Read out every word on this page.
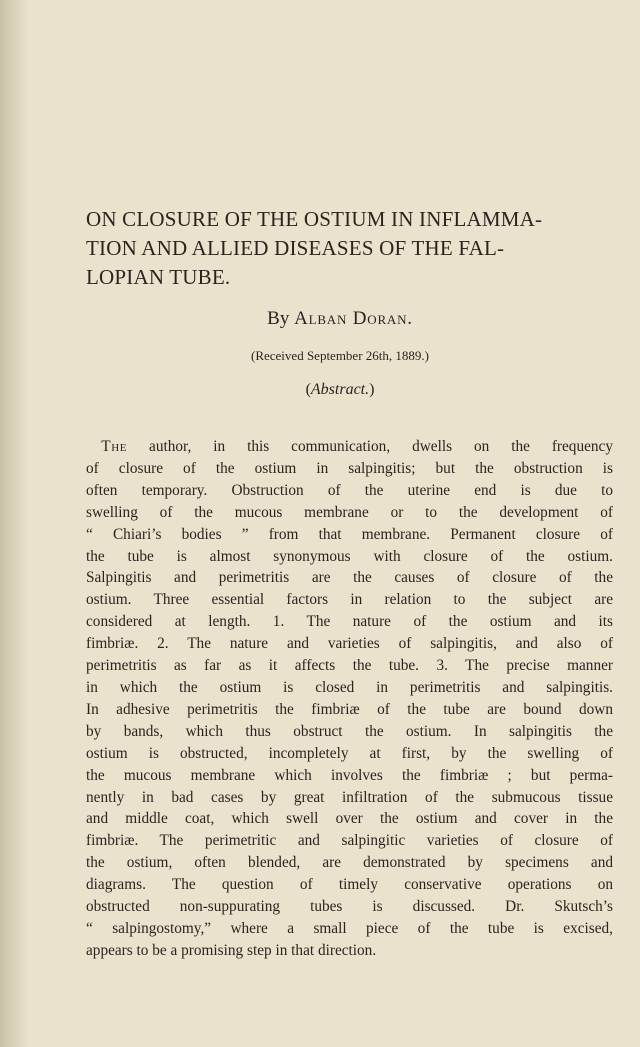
ON CLOSURE OF THE OSTIUM IN INFLAMMA-
TION AND ALLIED DISEASES OF THE FAL-
LOPIAN TUBE.

By Alban Doran.

(Received September 26th, 1889.)

(Abstract.)

 The author, in this communication, dwells on the frequency
of closure of the ostium in salpingitis; but the obstruction is
often temporary. Obstruction of the uterine end is due to
swelling of the mucous membrane or to the development of
“ Chiari’s bodies ” from that membrane. Permanent closure of
the tube is almost synonymous with closure of the ostium.
Salpingitis and perimetritis are the causes of closure of the
ostium. Three essential factors in relation to the subject are
considered at length. 1. The nature of the ostium and its
fimbriæ. 2. The nature and varieties of salpingitis, and also of
perimetritis as far as it affects the tube. 3. The precise manner
in which the ostium is closed in perimetritis and salpingitis.
In adhesive perimetritis the fimbriæ of the tube are bound down
by bands, which thus obstruct the ostium. In salpingitis the
ostium is obstructed, incompletely at first, by the swelling of
the mucous membrane which involves the fimbriæ ; but perma-
nently in bad cases by great infiltration of the submucous tissue
and middle coat, which swell over the ostium and cover in the
fimbriæ. The perimetritic and salpingitic varieties of closure of
the ostium, often blended, are demonstrated by specimens and
diagrams. The question of timely conservative operations on
obstructed non-suppurating tubes is discussed. Dr. Skutsch’s
“ salpingostomy,” where a small piece of the tube is excised,
appears to be a promising step in that direction.
